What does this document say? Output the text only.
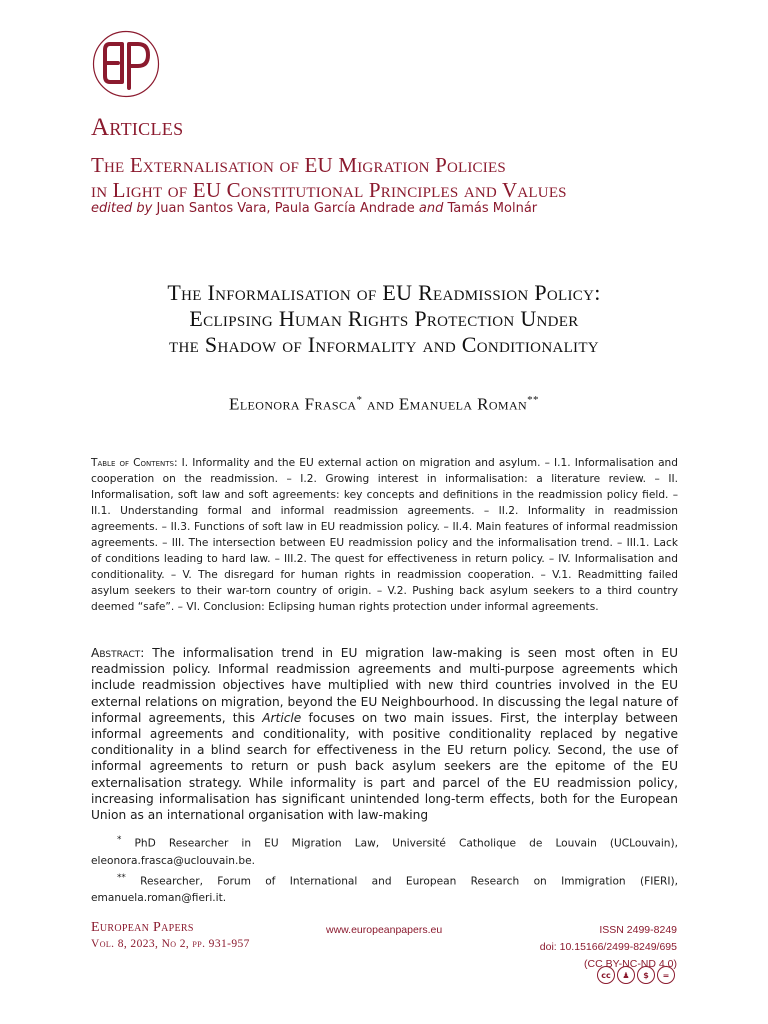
Articles
The Externalisation of EU Migration Policies
in Light of EU Constitutional Principles and Values
edited by Juan Santos Vara, Paula García Andrade and Tamás Molnár
The Informalisation of EU Readmission Policy:
Eclipsing Human Rights Protection Under
the Shadow of Informality and Conditionality
Eleonora Frasca* and Emanuela Roman**
Table of Contents: I. Informality and the EU external action on migration and asylum. – I.1. Informalisation and cooperation on the readmission. – I.2. Growing interest in informalisation: a literature review. – II. Informalisation, soft law and soft agreements: key concepts and definitions in the readmission policy field. – II.1. Understanding formal and informal readmission agreements. – II.2. Informality in readmission agreements. – II.3. Functions of soft law in EU readmission policy. – II.4. Main features of informal readmission agreements. – III. The intersection between EU readmission policy and the informalisation trend. – III.1. Lack of conditions leading to hard law. – III.2. The quest for effectiveness in return policy. – IV. Informalisation and conditionality. – V. The disregard for human rights in readmission cooperation. – V.1. Readmitting failed asylum seekers to their war-torn country of origin. – V.2. Pushing back asylum seekers to a third country deemed “safe”. – VI. Conclusion: Eclipsing human rights protection under informal agreements.
Abstract: The informalisation trend in EU migration law-making is seen most often in EU readmission policy. Informal readmission agreements and multi-purpose agreements which include readmission objectives have multiplied with new third countries involved in the EU external relations on migration, beyond the EU Neighbourhood. In discussing the legal nature of informal agreements, this Article focuses on two main issues. First, the interplay between informal agreements and conditionality, with positive conditionality replaced by negative conditionality in a blind search for effectiveness in the EU return policy. Second, the use of informal agreements to return or push back asylum seekers are the epitome of the EU externalisation strategy. While informality is part and parcel of the EU readmission policy, increasing informalisation has significant unintended long-term effects, both for the European Union as an international organisation with law-making

* PhD Researcher in EU Migration Law, Université Catholique de Louvain (UCLouvain), eleonora.frasca@uclouvain.be.

** Researcher, Forum of International and European Research on Immigration (FIERI), emanuela.roman@fieri.it.

European Papers
Vol. 8, 2023, No 2, pp. 931-957
www.europeanpapers.eu	ISSN 2499-8249
doi: 10.15166/2499-8249/695
(CC BY-NC-ND 4.0)
cc	♟	$	=
